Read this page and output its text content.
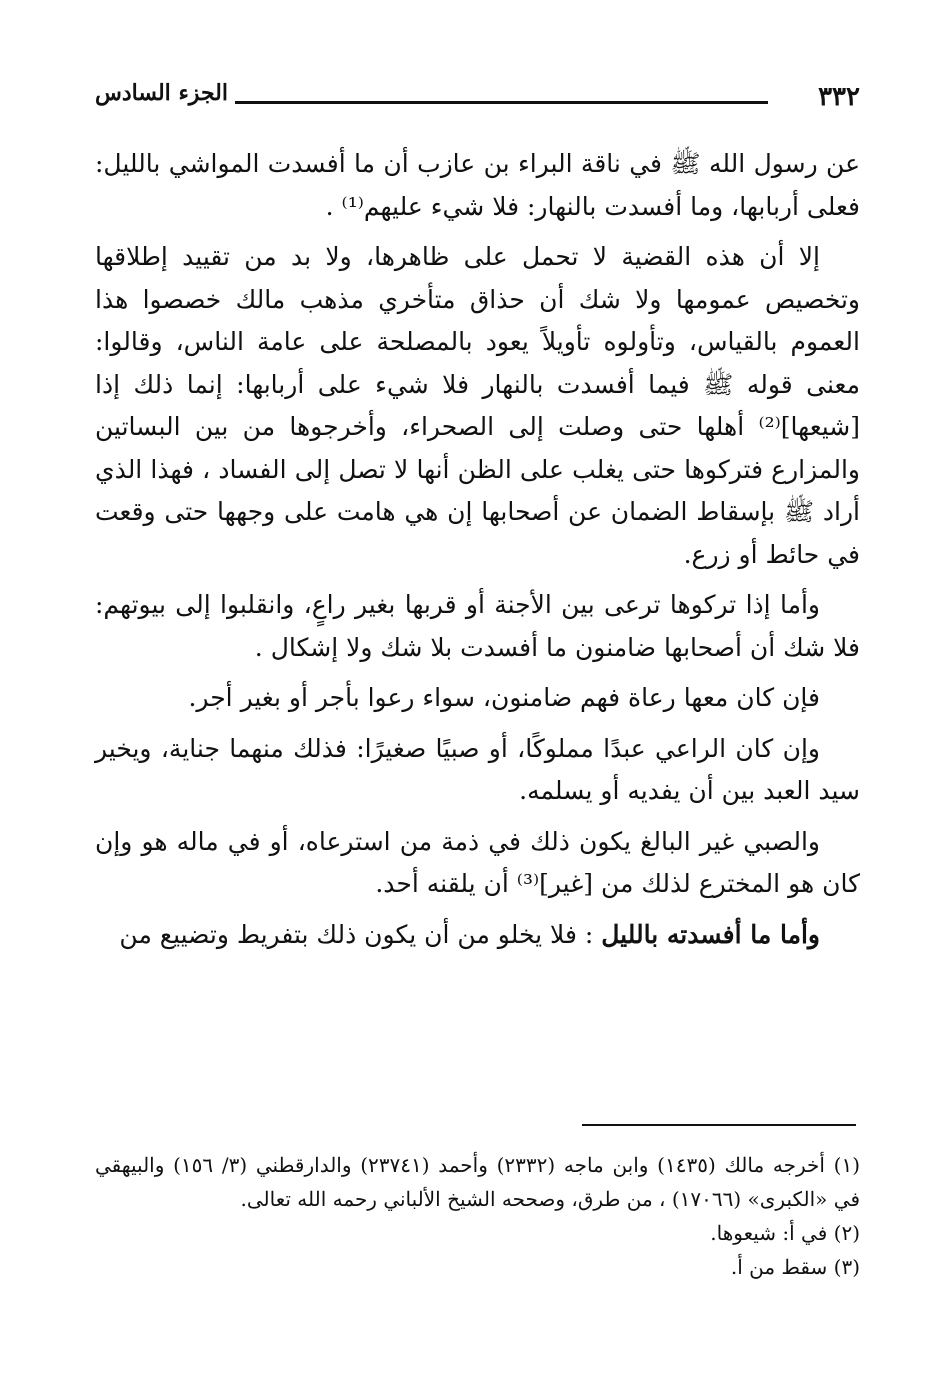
٣٣٢
الجزء السادس

عن رسول الله ﷺ في ناقة البراء بن عازب أن ما أفسدت المواشي بالليل: فعلى أربابها، وما أفسدت بالنهار: فلا شيء عليهم⁽¹⁾ .

إلا أن هذه القضية لا تحمل على ظاهرها، ولا بد من تقييد إطلاقها وتخصيص عمومها ولا شك أن حذاق متأخري مذهب مالك خصصوا هذا العموم بالقياس، وتأولوه تأويلاً يعود بالمصلحة على عامة الناس، وقالوا: معنى قوله ﷺ فيما أفسدت بالنهار فلا شيء على أربابها: إنما ذلك إذا [شيعها]⁽²⁾ أهلها حتى وصلت إلى الصحراء، وأخرجوها من بين البساتين والمزارع فتركوها حتى يغلب على الظن أنها لا تصل إلى الفساد ، فهذا الذي أراد ﷺ بإسقاط الضمان عن أصحابها إن هي هامت على وجهها حتى وقعت في حائط أو زرع.

وأما إذا تركوها ترعى بين الأجنة أو قربها بغير راعٍ، وانقلبوا إلى بيوتهم: فلا شك أن أصحابها ضامنون ما أفسدت بلا شك ولا إشكال .

فإن كان معها رعاة فهم ضامنون، سواء رعوا بأجر أو بغير أجر.

وإن كان الراعي عبدًا مملوكًا، أو صبيًا صغيرًا: فذلك منهما جناية، ويخير سيد العبد بين أن يفديه أو يسلمه.

والصبي غير البالغ يكون ذلك في ذمة من استرعاه، أو في ماله هو وإن كان هو المخترع لذلك من [غير]⁽³⁾ أن يلقنه أحد.

وأما ما أفسدته بالليل : فلا يخلو من أن يكون ذلك بتفريط وتضييع من

(١) أخرجه مالك (١٤٣٥) وابن ماجه (٢٣٣٢) وأحمد (٢٣٧٤١) والدارقطني (٣/ ١٥٦) والبيهقي في «الكبرى» (١٧٠٦٦) ، من طرق، وصححه الشيخ الألباني رحمه الله تعالى.

(٢) في أ: شيعوها.

(٣) سقط من أ.
